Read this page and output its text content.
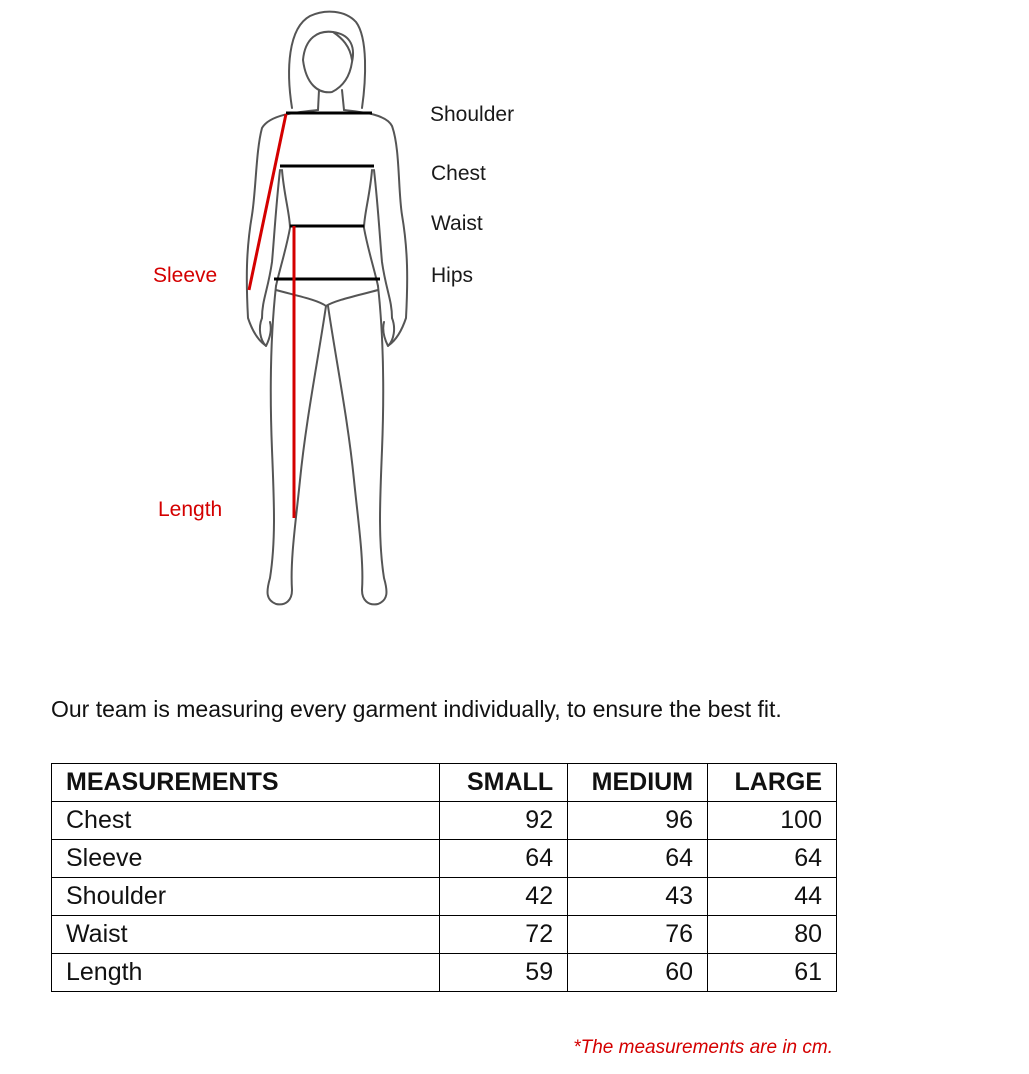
Shoulder
Chest
Waist
Hips
Sleeve
Length
Our team is measuring every garment individually, to ensure the best fit.
MEASUREMENTS	SMALL	MEDIUM	LARGE
Chest	92	96	100
Sleeve	64	64	64
Shoulder	42	43	44
Waist	72	76	80
Length	59	60	61
*The measurements are in cm.
